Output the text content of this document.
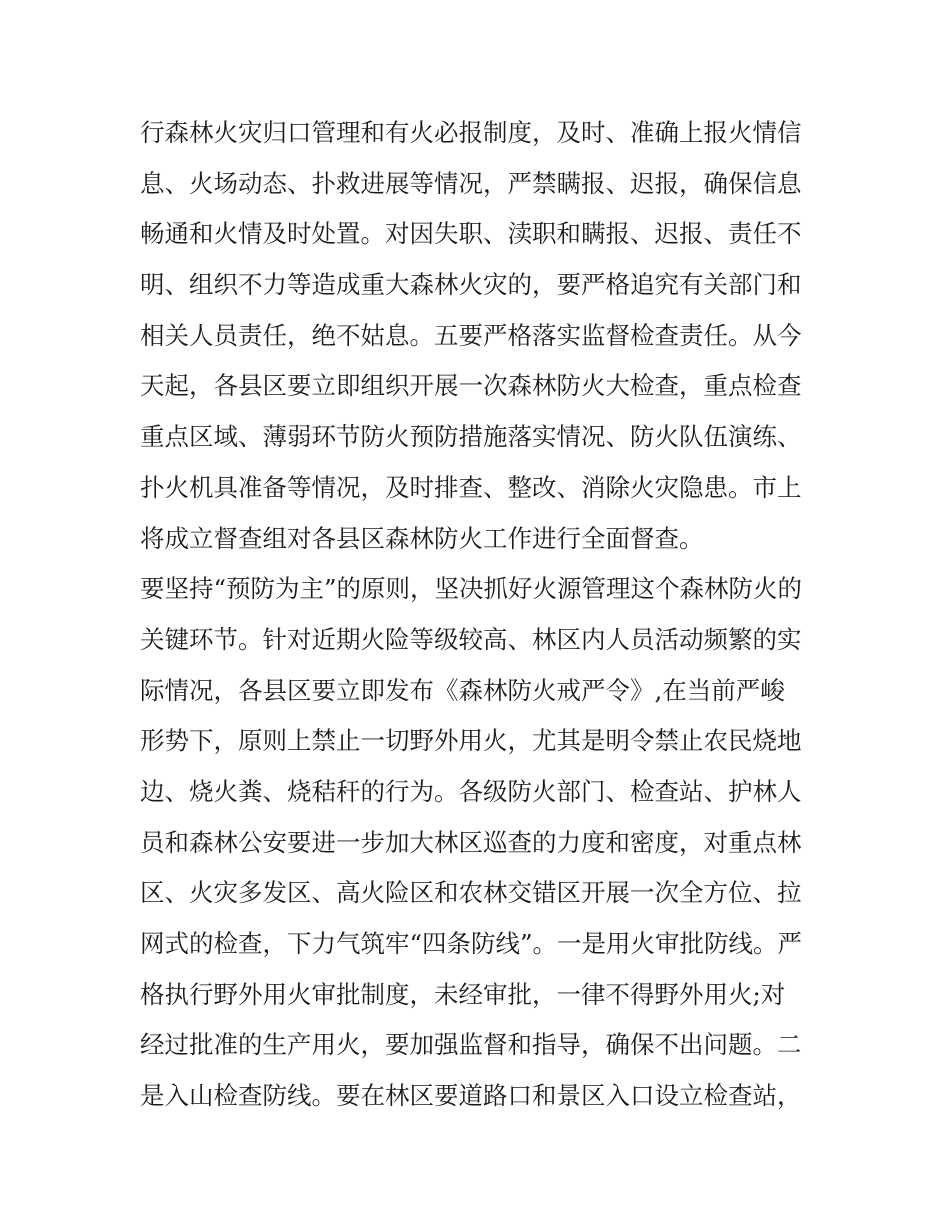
行森林火灾归口管理和有火必报制度，及时、准确上报火情信
息、火场动态、扑救进展等情况，严禁瞒报、迟报，确保信息
畅通和火情及时处置。对因失职、渎职和瞒报、迟报、责任不
明、组织不力等造成重大森林火灾的，要严格追究有关部门和
相关人员责任，绝不姑息。五要严格落实监督检查责任。从今
天起，各县区要立即组织开展一次森林防火大检查，重点检查
重点区域、薄弱环节防火预防措施落实情况、防火队伍演练、
扑火机具准备等情况，及时排查、整改、消除火灾隐患。市上
将成立督查组对各县区森林防火工作进行全面督查。
要坚持“预防为主”的原则，坚决抓好火源管理这个森林防火的
关键环节。针对近期火险等级较高、林区内人员活动频繁的实
际情况，各县区要立即发布《森林防火戒严令》,在当前严峻
形势下，原则上禁止一切野外用火，尤其是明令禁止农民烧地
边、烧火粪、烧秸秆的行为。各级防火部门、检查站、护林人
员和森林公安要进一步加大林区巡查的力度和密度，对重点林
区、火灾多发区、高火险区和农林交错区开展一次全方位、拉
网式的检查，下力气筑牢“四条防线”。一是用火审批防线。严
格执行野外用火审批制度，未经审批，一律不得野外用火;对
经过批准的生产用火，要加强监督和指导，确保不出问题。二
是入山检查防线。要在林区要道路口和景区入口设立检查站，
